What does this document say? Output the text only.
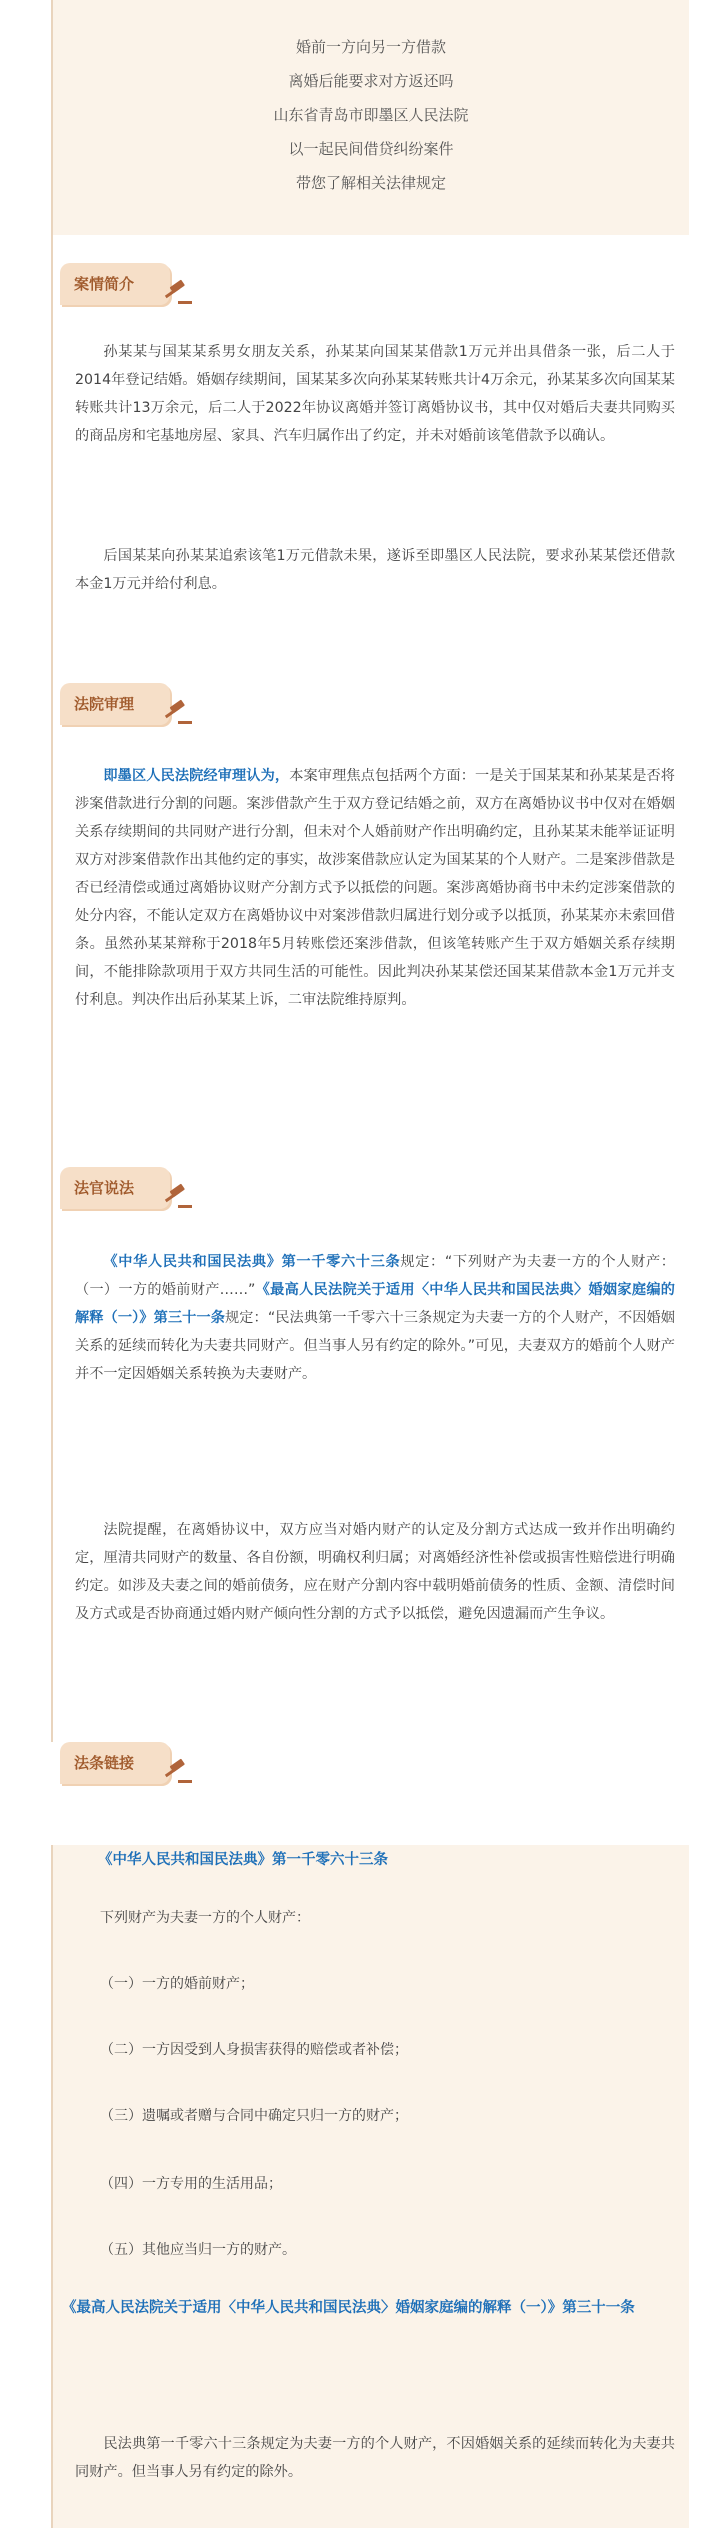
婚前一方向另一方借款
离婚后能要求对方返还吗
山东省青岛市即墨区人民法院
以一起民间借贷纠纷案件
带您了解相关法律规定
案情简介

孙某某与国某某系男女朋友关系，孙某某向国某某借款1万元并出具借条一张，后二人于2014年登记结婚。婚姻存续期间，国某某多次向孙某某转账共计4万余元，孙某某多次向国某某转账共计13万余元，后二人于2022年协议离婚并签订离婚协议书，其中仅对婚后夫妻共同购买的商品房和宅基地房屋、家具、汽车归属作出了约定，并未对婚前该笔借款予以确认。

后国某某向孙某某追索该笔1万元借款未果，遂诉至即墨区人民法院，要求孙某某偿还借款本金1万元并给付利息。

法院审理

即墨区人民法院经审理认为，本案审理焦点包括两个方面：一是关于国某某和孙某某是否将涉案借款进行分割的问题。案涉借款产生于双方登记结婚之前，双方在离婚协议书中仅对在婚姻关系存续期间的共同财产进行分割，但未对个人婚前财产作出明确约定，且孙某某未能举证证明双方对涉案借款作出其他约定的事实，故涉案借款应认定为国某某的个人财产。二是案涉借款是否已经清偿或通过离婚协议财产分割方式予以抵偿的问题。案涉离婚协商书中未约定涉案借款的处分内容，不能认定双方在离婚协议中对案涉借款归属进行划分或予以抵顶，孙某某亦未索回借条。虽然孙某某辩称于2018年5月转账偿还案涉借款，但该笔转账产生于双方婚姻关系存续期间，不能排除款项用于双方共同生活的可能性。因此判决孙某某偿还国某某借款本金1万元并支付利息。判决作出后孙某某上诉，二审法院维持原判。

法官说法

《中华人民共和国民法典》第一千零六十三条规定：“下列财产为夫妻一方的个人财产：（一）一方的婚前财产……”《最高人民法院关于适用〈中华人民共和国民法典〉婚姻家庭编的解释（一）》第三十一条规定：“民法典第一千零六十三条规定为夫妻一方的个人财产，不因婚姻关系的延续而转化为夫妻共同财产。但当事人另有约定的除外。”可见，夫妻双方的婚前个人财产并不一定因婚姻关系转换为夫妻财产。

法院提醒，在离婚协议中，双方应当对婚内财产的认定及分割方式达成一致并作出明确约定，厘清共同财产的数量、各自份额，明确权利归属；对离婚经济性补偿或损害性赔偿进行明确约定。如涉及夫妻之间的婚前债务，应在财产分割内容中载明婚前债务的性质、金额、清偿时间及方式或是否协商通过婚内财产倾向性分割的方式予以抵偿，避免因遗漏而产生争议。

法条链接
《中华人民共和国民法典》第一千零六十三条
下列财产为夫妻一方的个人财产：
（一）一方的婚前财产；
（二）一方因受到人身损害获得的赔偿或者补偿；
（三）遗嘱或者赠与合同中确定只归一方的财产；
（四）一方专用的生活用品；
（五）其他应当归一方的财产。
《最高人民法院关于适用〈中华人民共和国民法典〉婚姻家庭编的解释（一）》第三十一条

民法典第一千零六十三条规定为夫妻一方的个人财产，不因婚姻关系的延续而转化为夫妻共同财产。但当事人另有约定的除外。
